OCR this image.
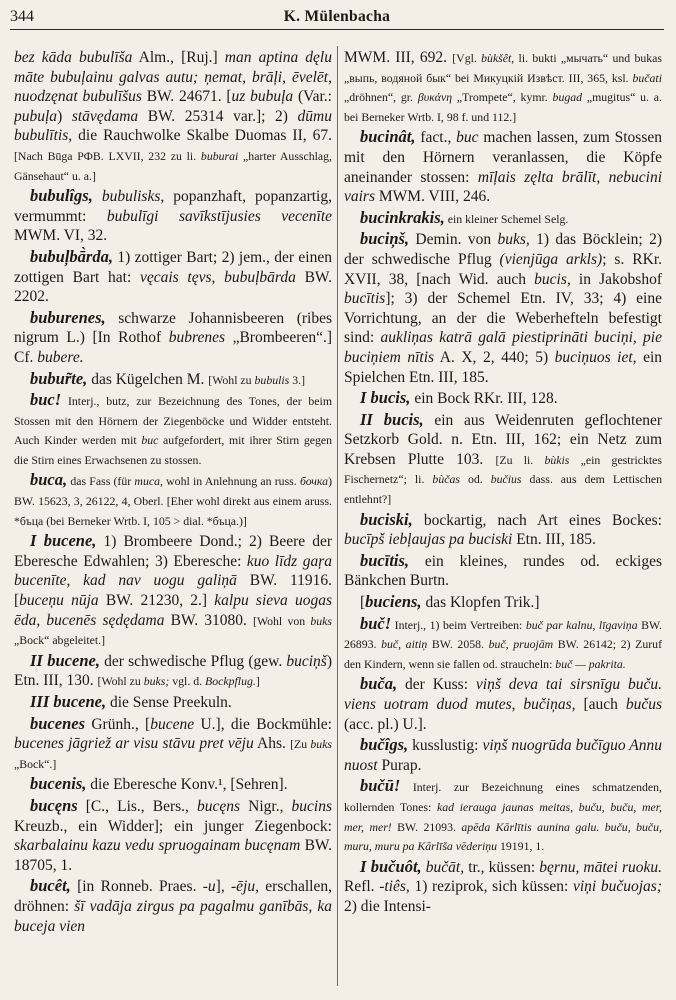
344	K. Mülenbacha

bez kāda bubulīša Alm., [Ruj.] man aptina dęlu māte bubuļainu galvas autu; ņemat, brāļi, ēvelēt, nuodzęnat bubulīšus BW. 24671. [uz bubuļa (Var.: pubuļa) stāvędama BW. 25314 var.]; 2) dūmu bubulītis, die Rauchwolke Skalbe Duomas II, 67. [Nach Būga РФВ. LXVII, 232 zu li. buburai „harter Ausschlag, Gänsehaut“ u. a.]

bubulîgs, bubulisks, popanzhaft, popanzartig, vermummt: bubulīgi savīkstījusies vecenīte MWM. VI, 32.

bubuļbā̀rda, 1) zottiger Bart; 2) jem., der einen zottigen Bart hat: vęcais tęvs, bubuļbārda BW. 2202.

buburenes, schwarze Johannisbeeren (ribes nigrum L.) [In Rothof bubrenes „Brombeeren“.] Cf. bubere.

bubur̃te, das Kügelchen M. [Wohl zu bubulis 3.]

buc! Interj., butz, zur Bezeichnung des Tones, der beim Stossen mit den Hörnern der Ziegenböcke und Widder entsteht. Auch Kinder werden mit buc aufgefordert, mit ihrer Stirn gegen die Stirn eines Erwachsenen zu stossen.

buca, das Fass (für muca, wohl in Anlehnung an russ. бочка) BW. 15623, 3, 26122, 4, Oberl. [Eher wohl direkt aus einem aruss. *бъца (bei Berneker Wrtb. I, 105 > dial. *бъца.)]

I bucene, 1) Brombeere Dond.; 2) Beere der Eberesche Edwahlen; 3) Eberesche: kuo līdz gaŗa bucenīte, kad nav uogu galiņā BW. 11916. [buceņu nūja BW. 21230, 2.] kalpu sieva uogas ēda, bucenēs sędędama BW. 31080. [Wohl von buks „Bock“ abgeleitet.]

II bucene, der schwedische Pflug (gew. buciņš) Etn. III, 130. [Wohl zu buks; vgl. d. Bockpflug.]

III bucene, die Sense Preekuln.

bucenes Grünh., [bucene U.], die Bockmühle: bucenes jāgriež ar visu stāvu pret vēju Ahs. [Zu buks „Bock“.]

bucenis, die Eberesche Konv.¹, [Sehren].

bucęns [C., Lis., Bers., bucęns Nigr., bucins Kreuzb., ein Widder]; ein junger Ziegenbock: skarbalainu kazu vedu spruogainam bucęnam BW. 18705, 1.

bucêt, [in Ronneb. Praes. -u], -ēju, erschallen, dröhnen: šī vadāja zirgus pa pagalmu ganībās, ka buceja vien

MWM. III, 692. [Vgl. bùkšêt, li. bukti „мычать“ und bukas „выпь, водяной бык“ bei Микуцкiй Извѣст. III, 365, ksl. bučati „dröhnen“, gr. βυκάνη „Trompete“, kymr. bugad „mugitus“ u. a. bei Berneker Wrtb. I, 98 f. und 112.]

bucinât, fact., buc machen lassen, zum Stossen mit den Hörnern veranlassen, die Köpfe aneinander stossen: mīļais zęlta brālīt, nebucini vairs MWM. VIII, 246.

bucinkrakis, ein kleiner Schemel Selg.

buciņš, Demin. von buks, 1) das Böcklein; 2) der schwedische Pflug (vienjūga arkls); s. RKr. XVII, 38, [nach Wid. auch bucis, in Jakobshof bucītis]; 3) der Schemel Etn. IV, 33; 4) eine Vorrichtung, an der die Weberhefteln befestigt sind: aukliņas katrā galā piestiprināti buciņi, pie buciņiem nītis A. X, 2, 440; 5) buciņuos iet, ein Spielchen Etn. III, 185.

I bucis, ein Bock RKr. III, 128.

II bucis, ein aus Weidenruten geflochtener Setzkorb Gold. n. Etn. III, 162; ein Netz zum Krebsen Plutte 103. [Zu li. bùkis „ein gestricktes Fischernetz“; li. bùčas od. bučius dass. aus dem Lettischen entlehnt?]

buciski, bockartig, nach Art eines Bockes: bucīpš iebļaujas pa buciski Etn. III, 185.

bucītis, ein kleines, rundes od. eckiges Bänkchen Burtn.

[buciens, das Klopfen Trik.]

buč! Interj., 1) beim Vertreiben: buč par kalnu, līgaviņa BW. 26893. buč, aitiņ BW. 2058. buč, pruojām BW. 26142; 2) Zuruf den Kindern, wenn sie fallen od. straucheln: buč — pakrita.

buča, der Kuss: viņš deva tai sirsnīgu buču. viens uotram duod mutes, bučiņas, [auch bučus (acc. pl.) U.].

bučîgs, kusslustig: viņš nuogrūda bučīguo Annu nuost Purap.

bučū! Interj. zur Bezeichnung eines schmatzenden, kollernden Tones: kad ierauga jaunas meitas, buču, buču, mer, mer, mer! BW. 21093. apēda Kārlītis aunina galu. buču, buču, muru, muru pa Kārlīša vēderiņu 19191, 1.

I bučuôt, bučāt, tr., küssen: bęrnu, mātei ruoku. Refl. -tiês, 1) reziprok, sich küssen: viņi bučuojas; 2) die Intensi-
